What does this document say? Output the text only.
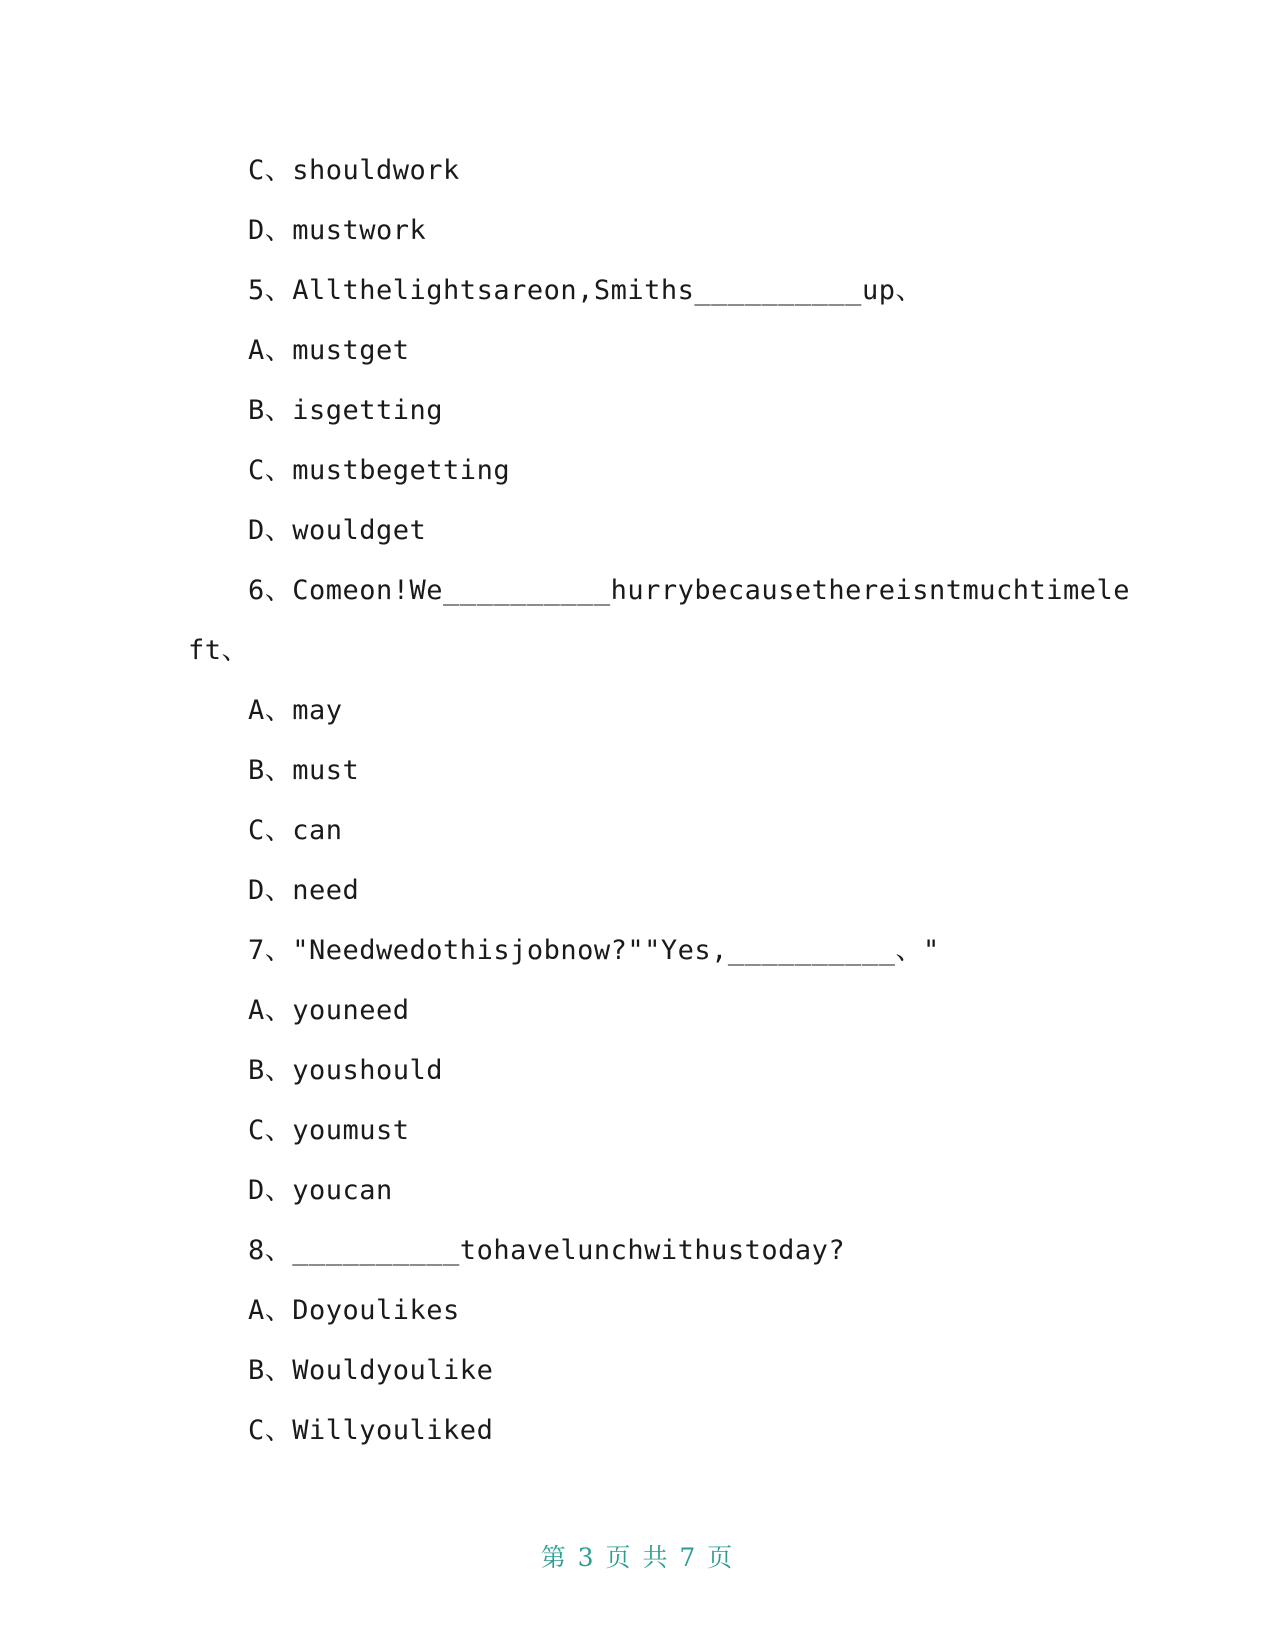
C、shouldwork
D、mustwork
5、Allthelightsareon,Smiths__________up、
A、mustget
B、isgetting
C、mustbegetting
D、wouldget
6、Comeon!We__________hurrybecausethereisntmuchtimele
ft、
A、may
B、must
C、can
D、need
7、"Needwedothisjobnow?""Yes,__________、"
A、youneed
B、youshould
C、youmust
D、youcan
8、__________tohavelunchwithustoday?
A、Doyoulikes
B、Wouldyoulike
C、Willyouliked
第 3 页 共 7 页
